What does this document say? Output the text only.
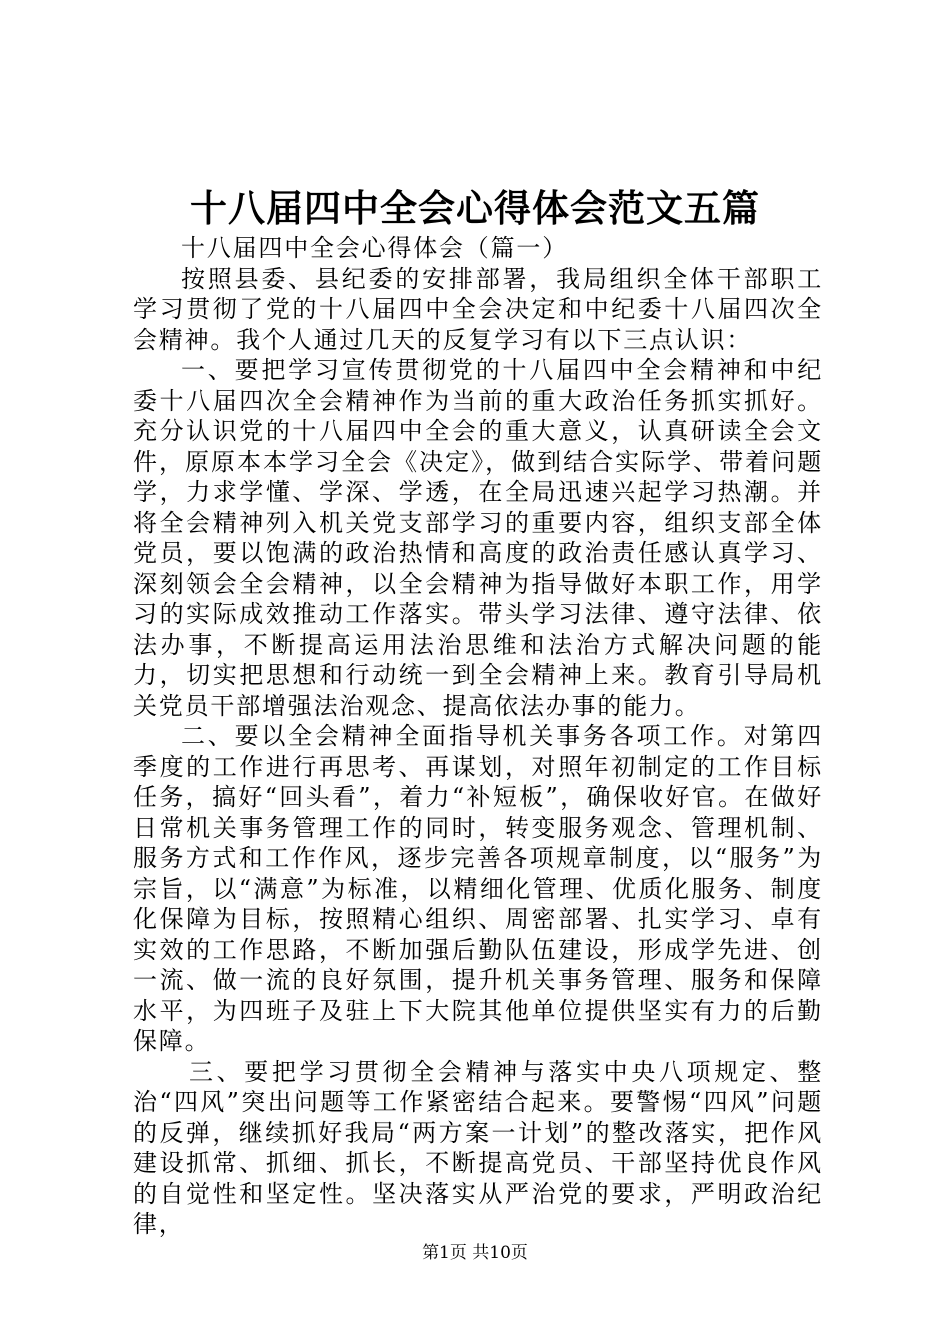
十八届四中全会心得体会范文五篇

十八届四中全会心得体会（篇一）

按照县委、县纪委的安排部署，我局组织全体干部职工学习贯彻了党的十八届四中全会决定和中纪委十八届四次全会精神。我个人通过几天的反复学习有以下三点认识：

一、要把学习宣传贯彻党的十八届四中全会精神和中纪委十八届四次全会精神作为当前的重大政治任务抓实抓好。充分认识党的十八届四中全会的重大意义，认真研读全会文件，原原本本学习全会《决定》，做到结合实际学、带着问题学，力求学懂、学深、学透，在全局迅速兴起学习热潮。并将全会精神列入机关党支部学习的重要内容，组织支部全体党员，要以饱满的政治热情和高度的政治责任感认真学习、深刻领会全会精神，以全会精神为指导做好本职工作，用学习的实际成效推动工作落实。带头学习法律、遵守法律、依法办事，不断提高运用法治思维和法治方式解决问题的能力，切实把思想和行动统一到全会精神上来。教育引导局机关党员干部增强法治观念、提高依法办事的能力。

二、要以全会精神全面指导机关事务各项工作。对第四季度的工作进行再思考、再谋划，对照年初制定的工作目标任务，搞好“回头看”，着力“补短板”，确保收好官。在做好日常机关事务管理工作的同时，转变服务观念、管理机制、服务方式和工作作风，逐步完善各项规章制度，以“服务”为宗旨，以“满意”为标准，以精细化管理、优质化服务、制度化保障为目标，按照精心组织、周密部署、扎实学习、卓有实效的工作思路，不断加强后勤队伍建设，形成学先进、创一流、做一流的良好氛围，提升机关事务管理、服务和保障水平，为四班子及驻上下大院其他单位提供坚实有力的后勤保障。

三、要把学习贯彻全会精神与落实中央八项规定、整治“四风”突出问题等工作紧密结合起来。要警惕“四风”问题的反弹，继续抓好我局“两方案一计划”的整改落实，把作风建设抓常、抓细、抓长，不断提高党员、干部坚持优良作风的自觉性和坚定性。坚决落实从严治党的要求，严明政治纪律，

第1页 共10页
